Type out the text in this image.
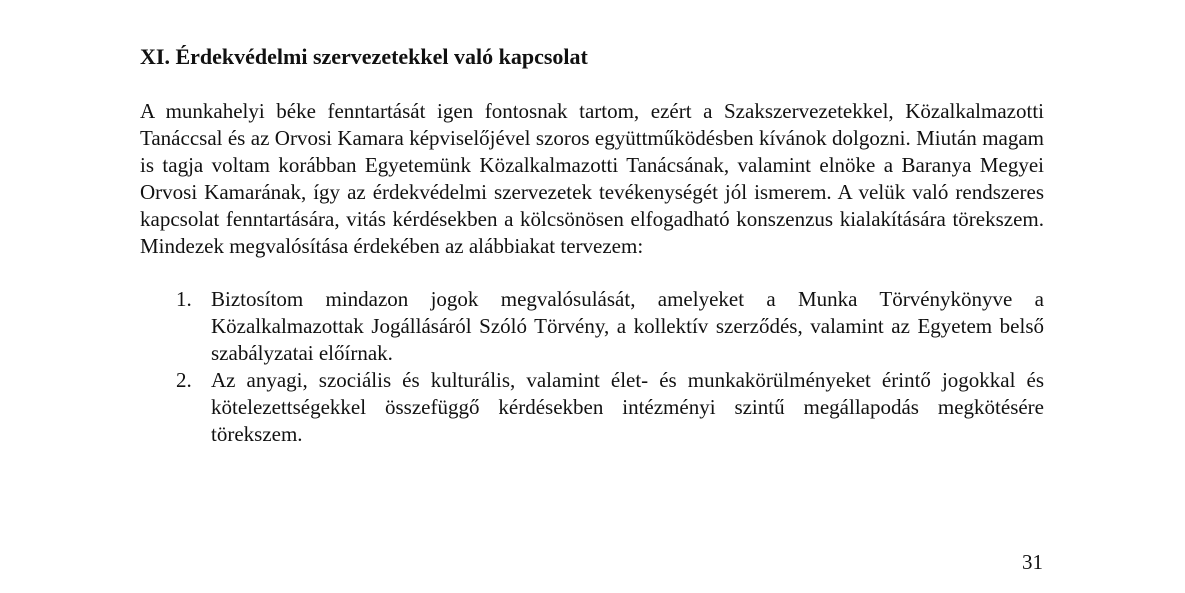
XI. Érdekvédelmi szervezetekkel való kapcsolat

A munkahelyi béke fenntartását igen fontosnak tartom, ezért a Szakszervezetekkel, Közalkalmazotti Tanáccsal és az Orvosi Kamara képviselőjével szoros együttműködésben kívánok dolgozni. Miután magam is tagja voltam korábban Egyetemünk Közalkalmazotti Tanácsának, valamint elnöke a Baranya Megyei Orvosi Kamarának, így az érdekvédelmi szervezetek tevékenységét jól ismerem. A velük való rendszeres kapcsolat fenntartására, vitás kérdésekben a kölcsönösen elfogadható konszenzus kialakítására törekszem. Mindezek megvalósítása érdekében az alábbiakat tervezem:

1. Biztosítom mindazon jogok megvalósulását, amelyeket a Munka Törvénykönyve a Közalkalmazottak Jogállásáról Szóló Törvény, a kollektív szerződés, valamint az Egyetem belső szabályzatai előírnak.
2. Az anyagi, szociális és kulturális, valamint élet- és munkakörülményeket érintő jogokkal és kötelezettségekkel összefüggő kérdésekben intézményi szintű megállapodás megkötésére törekszem.
31
